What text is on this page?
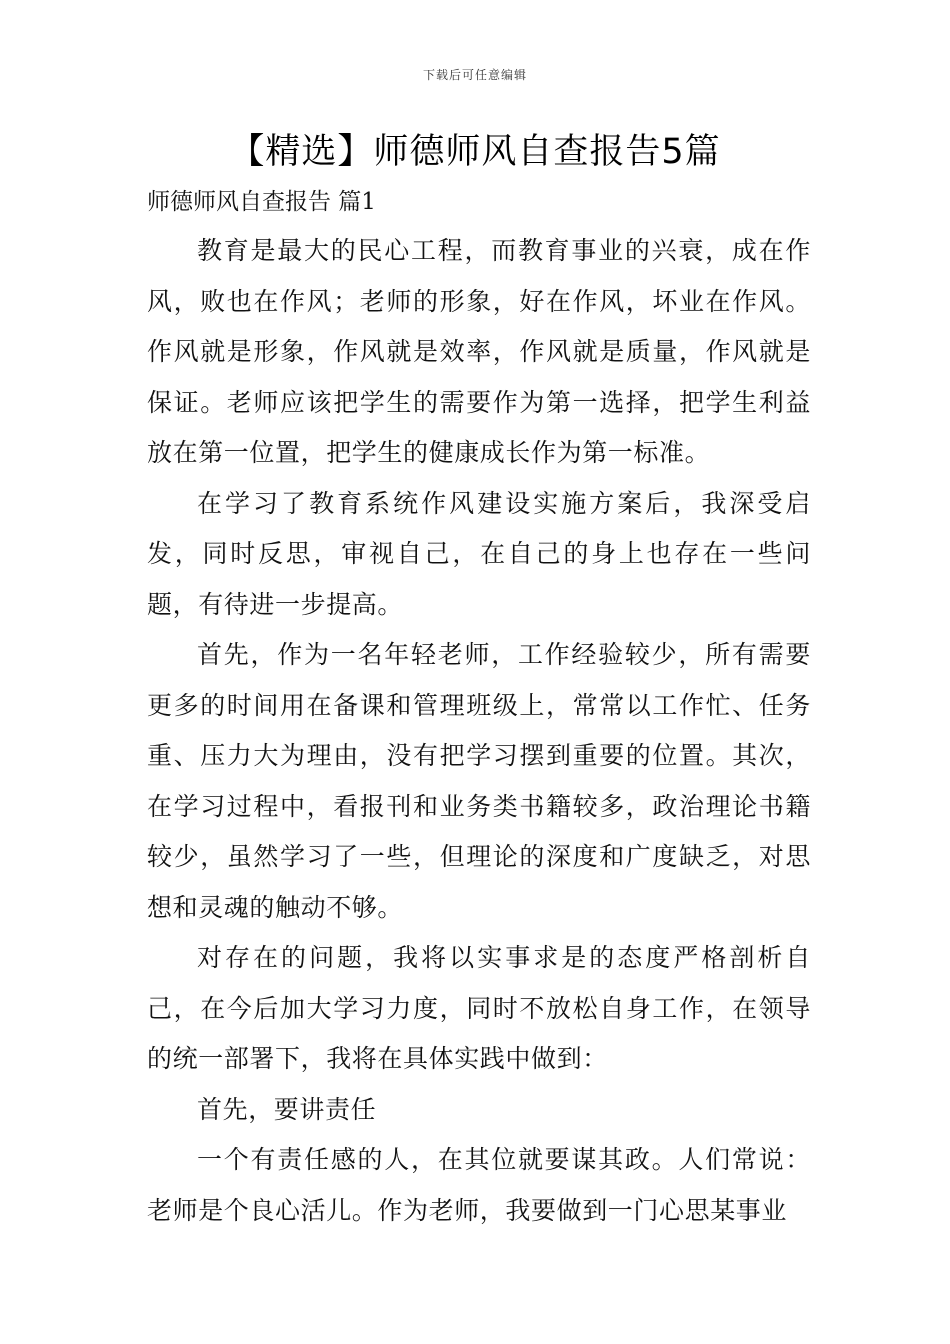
下载后可任意编辑
【精选】师德师风自查报告5篇
师德师风自查报告 篇1

教育是最大的民心工程，而教育事业的兴衰，成在作风，败也在作风；老师的形象，好在作风，坏业在作风。作风就是形象，作风就是效率，作风就是质量，作风就是保证。老师应该把学生的需要作为第一选择，把学生利益放在第一位置，把学生的健康成长作为第一标准。

在学习了教育系统作风建设实施方案后，我深受启发，同时反思，审视自己，在自己的身上也存在一些问题，有待进一步提高。

首先，作为一名年轻老师，工作经验较少，所有需要更多的时间用在备课和管理班级上，常常以工作忙、任务重、压力大为理由，没有把学习摆到重要的位置。其次，在学习过程中，看报刊和业务类书籍较多，政治理论书籍较少，虽然学习了一些，但理论的深度和广度缺乏，对思想和灵魂的触动不够。

对存在的问题，我将以实事求是的态度严格剖析自己，在今后加大学习力度，同时不放松自身工作，在领导的统一部署下，我将在具体实践中做到：

首先，要讲责任

一个有责任感的人，在其位就要谋其政。人们常说：老师是个良心活儿。作为老师，我要做到一门心思某事业
